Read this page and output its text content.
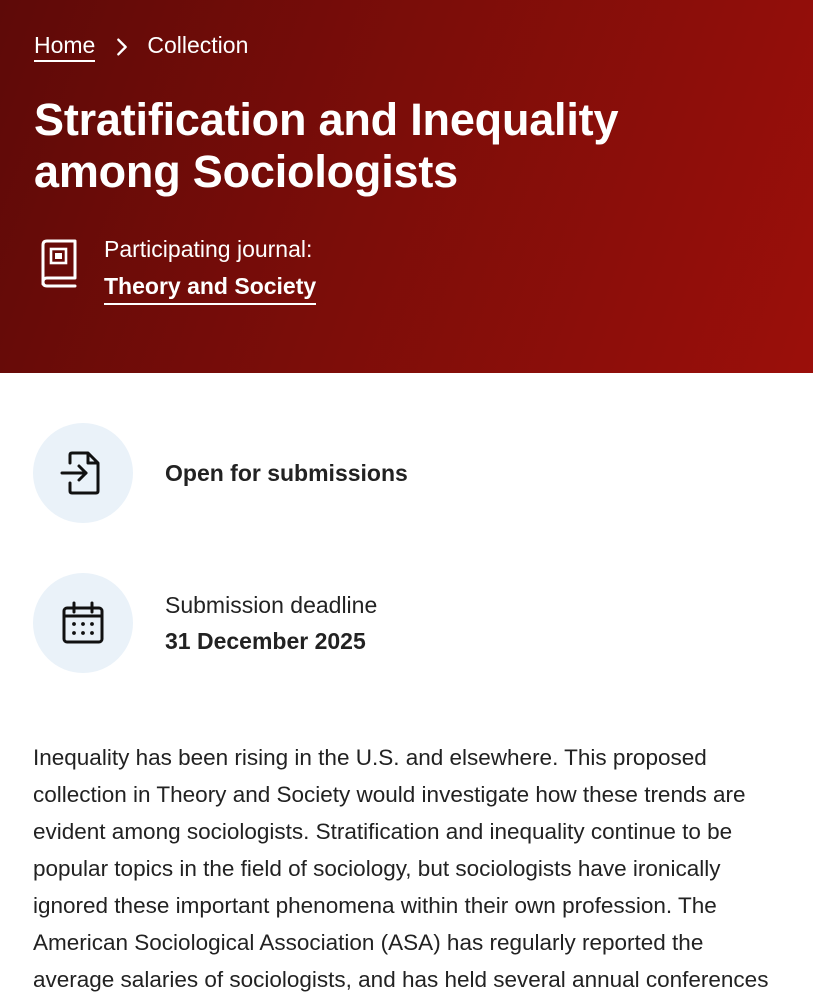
Home Collection
Stratification and Inequality among Sociologists
Participating journal:
Theory and Society
Open for submissions
Submission deadline
31 December 2025

Inequality has been rising in the U.S. and elsewhere. This proposed collection in Theory and Society would investigate how these trends are evident among sociologists. Stratification and inequality continue to be popular topics in the field of sociology, but sociologists have ironically ignored these important phenomena within their own profession. The American Sociological Association (ASA) has regularly reported the average salaries of sociologists, and has held several annual conferences
